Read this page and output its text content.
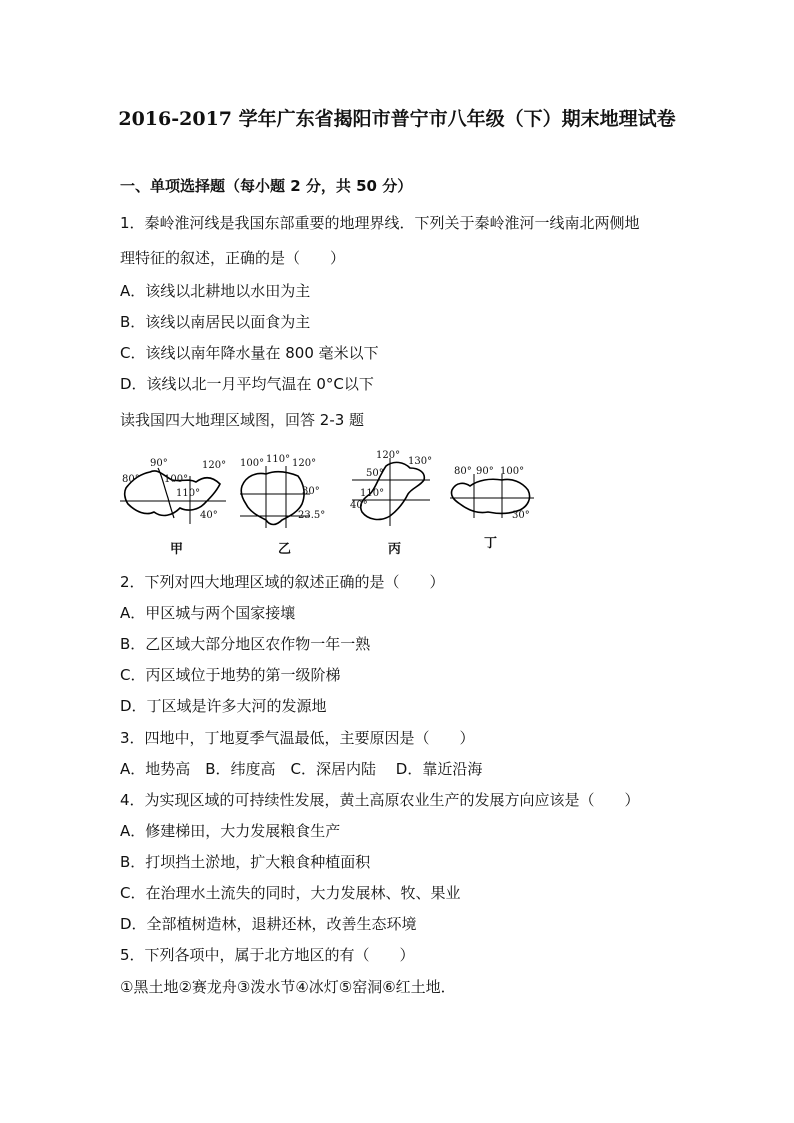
2016-2017 学年广东省揭阳市普宁市八年级（下）期末地理试卷
一、单项选择题（每小题 2 分，共 50 分）
1．秦岭淮河线是我国东部重要的地理界线．下列关于秦岭淮河一线南北两侧地
理特征的叙述，正确的是（　　）
A．该线以北耕地以水田为主
B．该线以南居民以面食为主
C．该线以南年降水量在 800 毫米以下
D．该线以北一月平均气温在 0°C以下
读我国四大地理区域图，回答 2-3 题
90°	120°
80° 100°
110°
40°
甲
100° 110° 120°
30°
23.5°
乙
120°
130°
50°
110°
40°
丙
80° 90° 100°
30°
丁
2．下列对四大地理区域的叙述正确的是（　　）
A．甲区城与两个国家接壤
B．乙区域大部分地区农作物一年一熟
C．丙区域位于地势的第一级阶梯
D．丁区域是许多大河的发源地
3．四地中，丁地夏季气温最低，主要原因是（　　）
A．地势高　B．纬度高　C．深居内陆　 D．靠近沿海
4．为实现区域的可持续性发展，黄土高原农业生产的发展方向应该是（　　）
A．修建梯田，大力发展粮食生产
B．打坝挡土淤地，扩大粮食种植面积
C．在治理水土流失的同时，大力发展林、牧、果业
D．全部植树造林，退耕还林，改善生态环境
5．下列各项中，属于北方地区的有（　　）
①黑土地②赛龙舟③泼水节④冰灯⑤窑洞⑥红土地．
